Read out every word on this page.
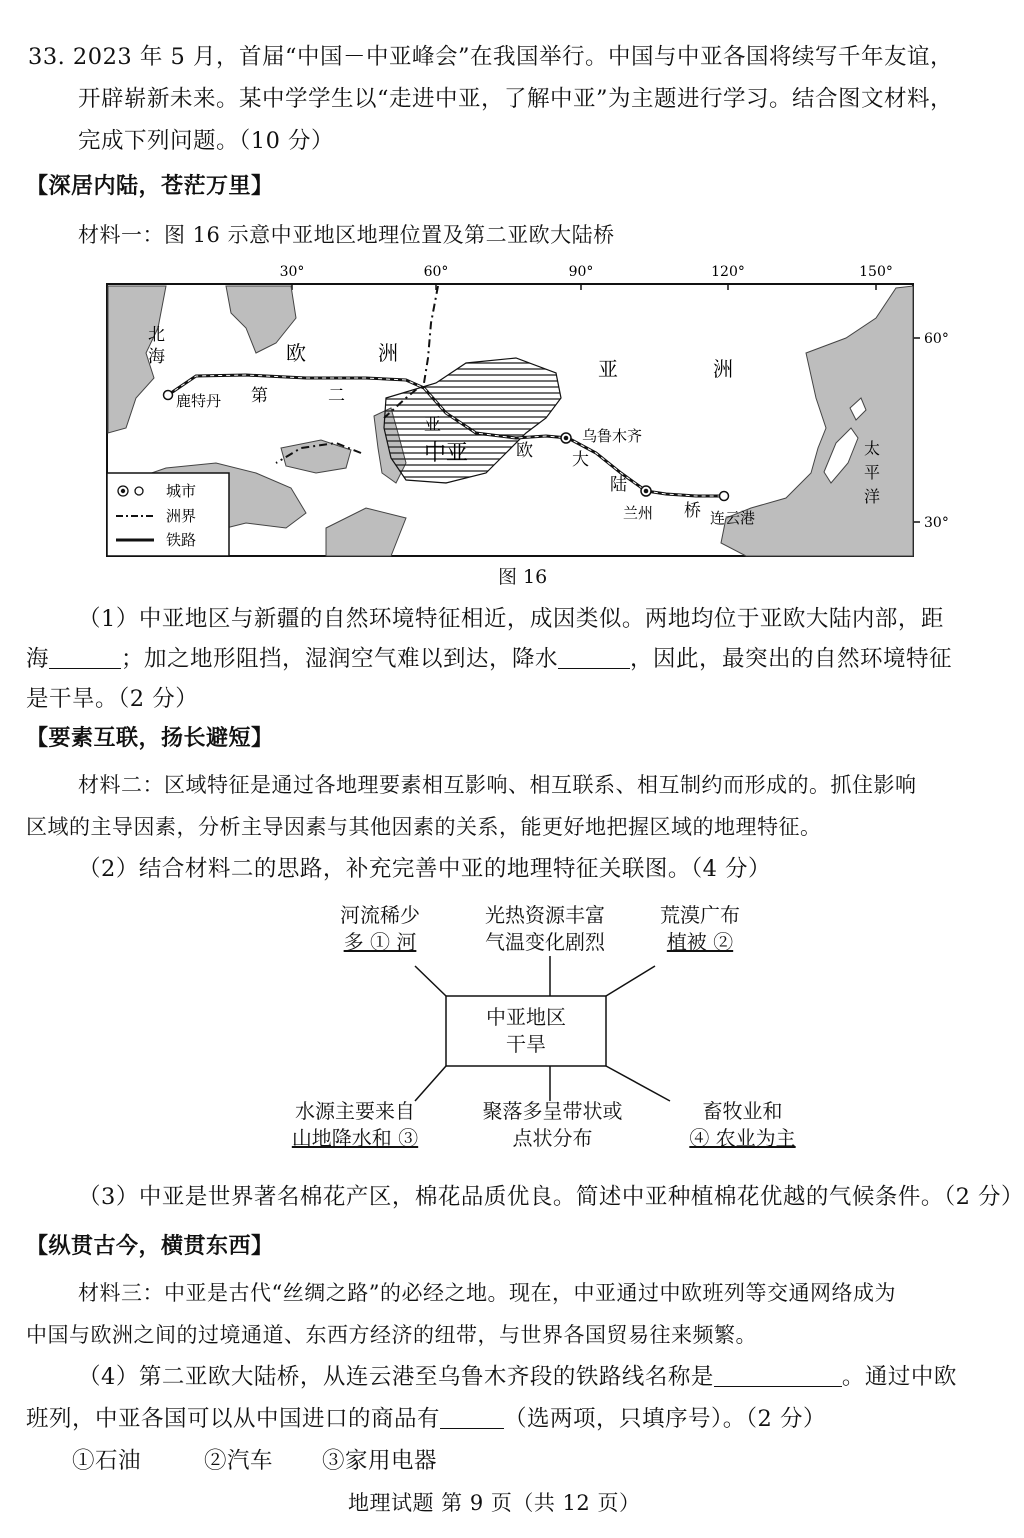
33. 2023 年 5 月，首届“中国－中亚峰会”在我国举行。中国与中亚各国将续写千年友谊，
开辟崭新未来。某中学学生以“走进中亚，了解中亚”为主题进行学习。结合图文材料，
完成下列问题。（10 分）
【深居内陆，苍茫万里】
材料一：图 16 示意中亚地区地理位置及第二亚欧大陆桥
30°	60°	90°	120°	150°
60°
30°
北海	欧	洲
亚	洲
中亚	太平洋
鹿特丹
乌鲁木齐
兰州	连云港
第	二
亚
欧 大
陆
桥
城市
洲界
铁路
图 16
（1）中亚地区与新疆的自然环境特征相近，成因类似。两地均位于亚欧大陆内部，距
海	；加之地形阻挡，湿润空气难以到达，降水	，因此，最突出的自然环境特征
是干旱。（2 分）
【要素互联，扬长避短】
材料二：区域特征是通过各地理要素相互影响、相互联系、相互制约而形成的。抓住影响
区域的主导因素，分析主导因素与其他因素的关系，能更好地把握区域的地理特征。
（2）结合材料二的思路，补充完善中亚的地理特征关联图。（4 分）
中亚地区
干旱
河流稀少
多 ① 河
光热资源丰富
气温变化剧烈
荒漠广布
植被 ②
水源主要来自
山地降水和 ③
聚落多呈带状或
点状分布
畜牧业和
④ 农业为主
（3）中亚是世界著名棉花产区，棉花品质优良。简述中亚种植棉花优越的气候条件。（2 分）
【纵贯古今，横贯东西】
材料三：中亚是古代“丝绸之路”的必经之地。现在，中亚通过中欧班列等交通网络成为
中国与欧洲之间的过境通道、东西方经济的纽带，与世界各国贸易往来频繁。
（4）第二亚欧大陆桥，从连云港至乌鲁木齐段的铁路线名称是	。通过中欧
班列，中亚各国可以从中国进口的商品有	（选两项，只填序号）。（2 分）
①石油	②汽车 ③家用电器
地理试题 第 9 页（共 12 页）
